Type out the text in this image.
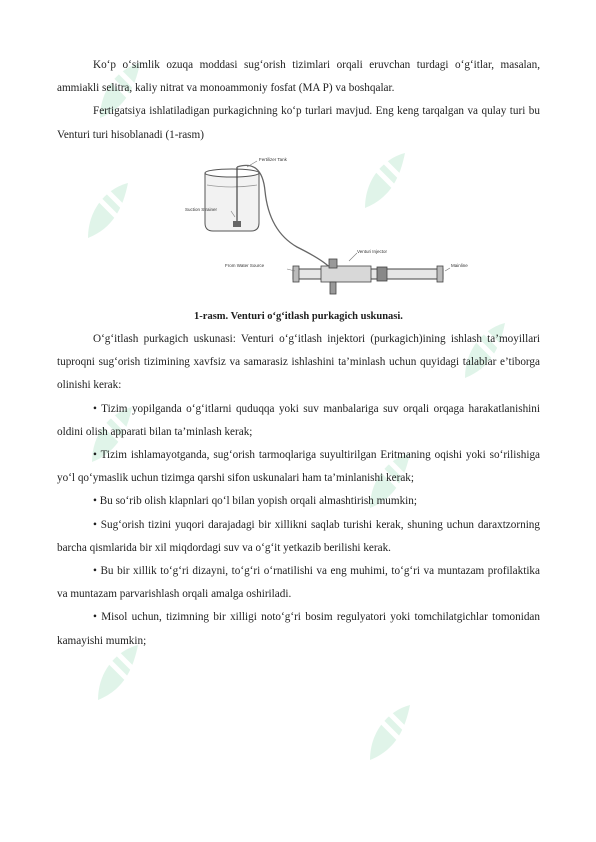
Ko‘p o‘simlik ozuqa moddasi sug‘orish tizimlari orqali eruvchan turdagi o‘g‘itlar, masalan, ammiakli selitra, kaliy nitrat va monoammoniy fosfat (MA P) va boshqalar.

Fertigatsiya ishlatiladigan purkagichning ko‘p turlari mavjud. Eng keng tarqalgan va qulay turi bu Venturi turi hisoblanadi (1-rasm)

Fertilizer Tank
Suction Strainer
Venturi Injector
From Water Source	Mainline

1-rasm. Venturi o‘g‘itlash purkagich uskunasi.

O‘g‘itlash purkagich uskunasi: Venturi o‘g‘itlash injektori (purkagich)ining ishlash ta’moyillari tuproqni sug‘orish tizimining xavfsiz va samarasiz ishlashini ta’minlash uchun quyidagi talablar e’tiborga olinishi kerak:

• Tizim yopilganda o‘g‘itlarni quduqqa yoki suv manbalariga suv orqali orqaga harakatlanishini oldini olish apparati bilan ta’minlash kerak;

• Tizim ishlamayotganda, sug‘orish tarmoqlariga suyultirilgan Eritmaning oqishi yoki so‘rilishiga yo‘l qo‘ymaslik uchun tizimga qarshi sifon uskunalari ham ta’minlanishi kerak;

• Bu so‘rib olish klapnlari qo‘l bilan yopish orqali almashtirish mumkin;

• Sug‘orish tizini yuqori darajadagi bir xillikni saqlab turishi kerak, shuning uchun daraxtzorning barcha qismlarida bir xil miqdordagi suv va o‘g‘it yetkazib berilishi kerak.

• Bu bir xillik to‘g‘ri dizayni, to‘g‘ri o‘rnatilishi va eng muhimi, to‘g‘ri va muntazam profilaktika va muntazam parvarishlash orqali amalga oshiriladi.

• Misol uchun, tizimning bir xilligi noto‘g‘ri bosim regulyatori yoki tomchilatgichlar tomonidan kamayishi mumkin;
